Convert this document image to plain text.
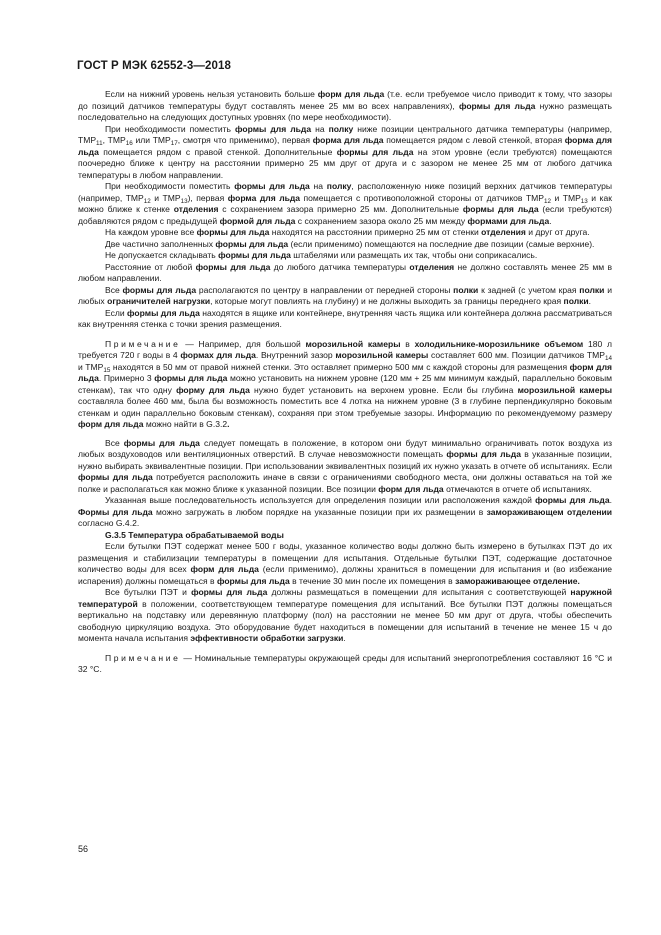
ГОСТ Р МЭК 62552-3—2018

Если на нижний уровень нельзя установить больше форм для льда (т.е. если требуемое число приводит к тому, что зазоры до позиций датчиков температуры будут составлять менее 25 мм во всех направлениях), формы для льда нужно размещать последовательно на следующих доступных уровнях (по мере необходимости).

При необходимости поместить формы для льда на полку ниже позиции центрального датчика температуры (например, $ТМР_{11}$, $ТМР_{16}$ или $ТМР_{17}$, смотря что применимо), первая форма для льда помещается рядом с левой стенкой, вторая форма для льда помещается рядом с правой стенкой. Дополнительные формы для льда на этом уровне (если требуются) помещаются поочередно ближе к центру на расстоянии примерно 25 мм друг от друга и с зазором не менее 25 мм от любого датчика температуры в любом направлении.

При необходимости поместить формы для льда на полку, расположенную ниже позиций верхних датчиков температуры (например, $ТМР_{12}$ и $ТМР_{13}$), первая форма для льда помещается с противоположной стороны от датчиков $ТМР_{12}$ и $ТМР_{13}$ и как можно ближе к стенке отделения с сохранением зазора примерно 25 мм. Дополнительные формы для льда (если требуются) добавляются рядом с предыдущей формой для льда с сохранением зазора около 25 мм между формами для льда.

На каждом уровне все формы для льда находятся на расстоянии примерно 25 мм от стенки отделения и друг от друга.

Две частично заполненных формы для льда (если применимо) помещаются на последние две позиции (самые верхние).

Не допускается складывать формы для льда штабелями или размещать их так, чтобы они соприкасались.

Расстояние от любой формы для льда до любого датчика температуры отделения не должно составлять менее 25 мм в любом направлении.

Все формы для льда располагаются по центру в направлении от передней стороны полки к задней (с учетом края полки и любых ограничителей нагрузки, которые могут повлиять на глубину) и не должны выходить за границы переднего края полки.

Если формы для льда находятся в ящике или контейнере, внутренняя часть ящика или контейнера должна рассматриваться как внутренняя стенка с точки зрения размещения.

Примечание — Например, для большой морозильной камеры в холодильнике-морозильнике объемом 180 л требуется 720 г воды в 4 формах для льда. Внутренний зазор морозильной камеры составляет 600 мм. Позиции датчиков $ТМР_{14}$ и $ТМР_{15}$ находятся в 50 мм от правой нижней стенки. Это оставляет примерно 500 мм с каждой стороны для размещения форм для льда. Примерно 3 формы для льда можно установить на нижнем уровне (120 мм + 25 мм минимум каждый, параллельно боковым стенкам), так что одну форму для льда нужно будет установить на верхнем уровне. Если бы глубина морозильной камеры составляла более 460 мм, была бы возможность поместить все 4 лотка на нижнем уровне (3 в глубине перпендикулярно боковым стенкам и один параллельно боковым стенкам), сохраняя при этом требуемые зазоры. Информацию по рекомендуемому размеру форм для льда можно найти в G.3.2.

Все формы для льда следует помещать в положение, в котором они будут минимально ограничивать поток воздуха из любых воздуховодов или вентиляционных отверстий. В случае невозможности помещать формы для льда в указанные позиции, нужно выбирать эквивалентные позиции. При использовании эквивалентных позиций их нужно указать в отчете об испытаниях. Если формы для льда потребуется расположить иначе в связи с ограничениями свободного места, они должны оставаться на той же полке и располагаться как можно ближе к указанной позиции. Все позиции форм для льда отмечаются в отчете об испытаниях.

Указанная выше последовательность используется для определения позиции или расположения каждой формы для льда. Формы для льда можно загружать в любом порядке на указанные позиции при их размещении в замораживающем отделении согласно G.4.2.

G.3.5 Температура обрабатываемой воды

Если бутылки ПЭТ содержат менее 500 г воды, указанное количество воды должно быть измерено в бутылках ПЭТ до их размещения и стабилизации температуры в помещении для испытания. Отдельные бутылки ПЭТ, содержащие достаточное количество воды для всех форм для льда (если применимо), должны храниться в помещении для испытания и (во избежание испарения) должны помещаться в формы для льда в течение 30 мин после их помещения в замораживающее отделение.

Все бутылки ПЭТ и формы для льда должны размещаться в помещении для испытания с соответствующей наружной температурой в положении, соответствующем температуре помещения для испытаний. Все бутылки ПЭТ должны помещаться вертикально на подставку или деревянную платформу (пол) на расстоянии не менее 50 мм друг от друга, чтобы обеспечить свободную циркуляцию воздуха. Это оборудование будет находиться в помещении для испытаний в течение не менее 15 ч до момента начала испытания эффективности обработки загрузки.

Примечание — Номинальные температуры окружающей среды для испытаний энергопотребления составляют 16 °С и 32 °С.

56
